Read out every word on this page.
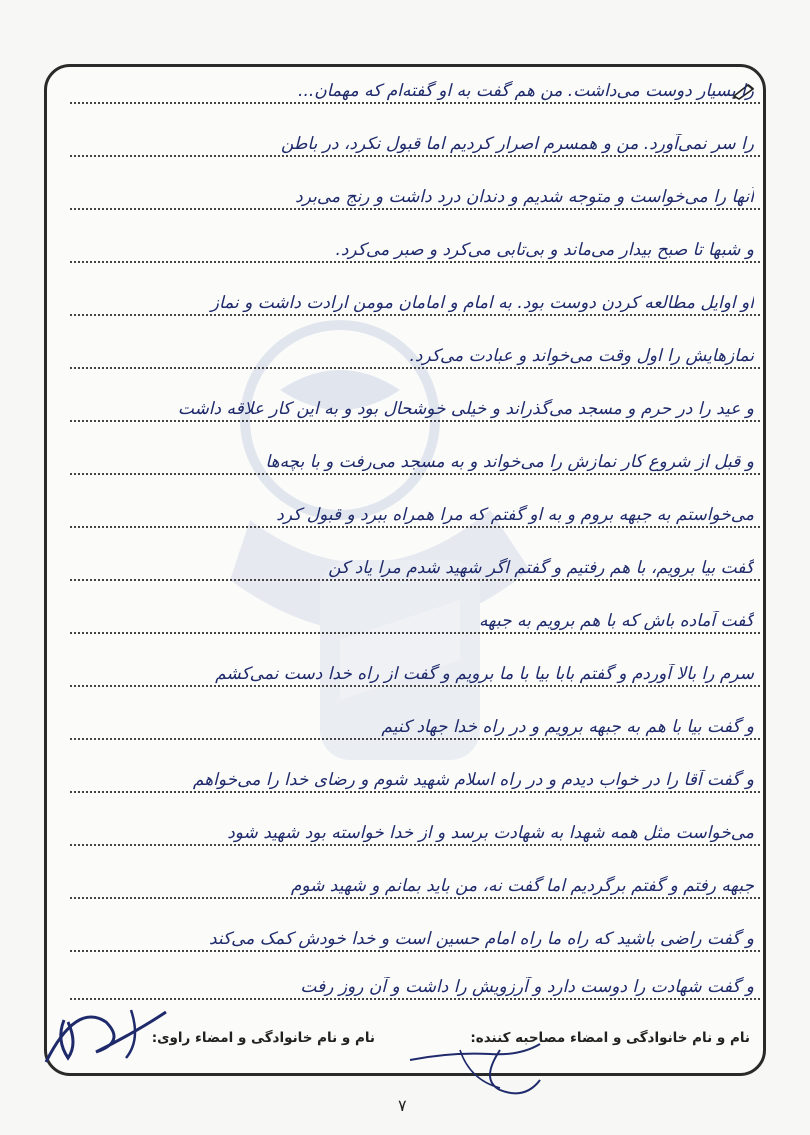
را بسیار دوست می‌داشت. من هم گفت به او گفته‌ام که مهمان...
را سر نمی‌آورد. من و همسرم اصرار کردیم اما قبول نکرد، در باطن
آنها را می‌خواست و متوجه شدیم و دندان درد داشت و رنج می‌برد
و شبها تا صبح بیدار می‌ماند و بی‌تابی می‌کرد و صبر می‌کرد.
او اوایل مطالعه کردن دوست بود. به امام و امامان مومن ارادت داشت و نماز
نمازهایش را اول وقت می‌خواند و عبادت می‌کرد.
و عید را در حرم و مسجد می‌گذراند و خیلی خوشحال بود و به این کار علاقه داشت
و قبل از شروع کار نمازش را می‌خواند و به مسجد می‌رفت و با بچه‌ها
می‌خواستم به جبهه بروم و به او گفتم که مرا همراه ببرد و قبول کرد
گفت بیا برویم، با هم رفتیم و گفتم اگر شهید شدم مرا یاد کن
گفت آماده باش که با هم برویم به جبهه
سرم را بالا آوردم و گفتم بابا بیا با ما برویم و گفت از راه خدا دست نمی‌کشم
و گفت بیا با هم به جبهه برویم و در راه خدا جهاد کنیم
و گفت آقا را در خواب دیدم و در راه اسلام شهید شوم و رضای خدا را می‌خواهم
می‌خواست مثل همه شهدا به شهادت برسد و از خدا خواسته بود شهید شود
جبهه رفتم و گفتم برگردیم اما گفت نه، من باید بمانم و شهید شوم
و گفت راضی باشید که راه ما راه امام حسین است و خدا خودش کمک می‌کند
و گفت شهادت را دوست دارد و آرزویش را داشت و آن روز رفت
نام و نام خانوادگی و امضاء مصاحبه کننده:
نام و نام خانوادگی و امضاء راوی:
۷
